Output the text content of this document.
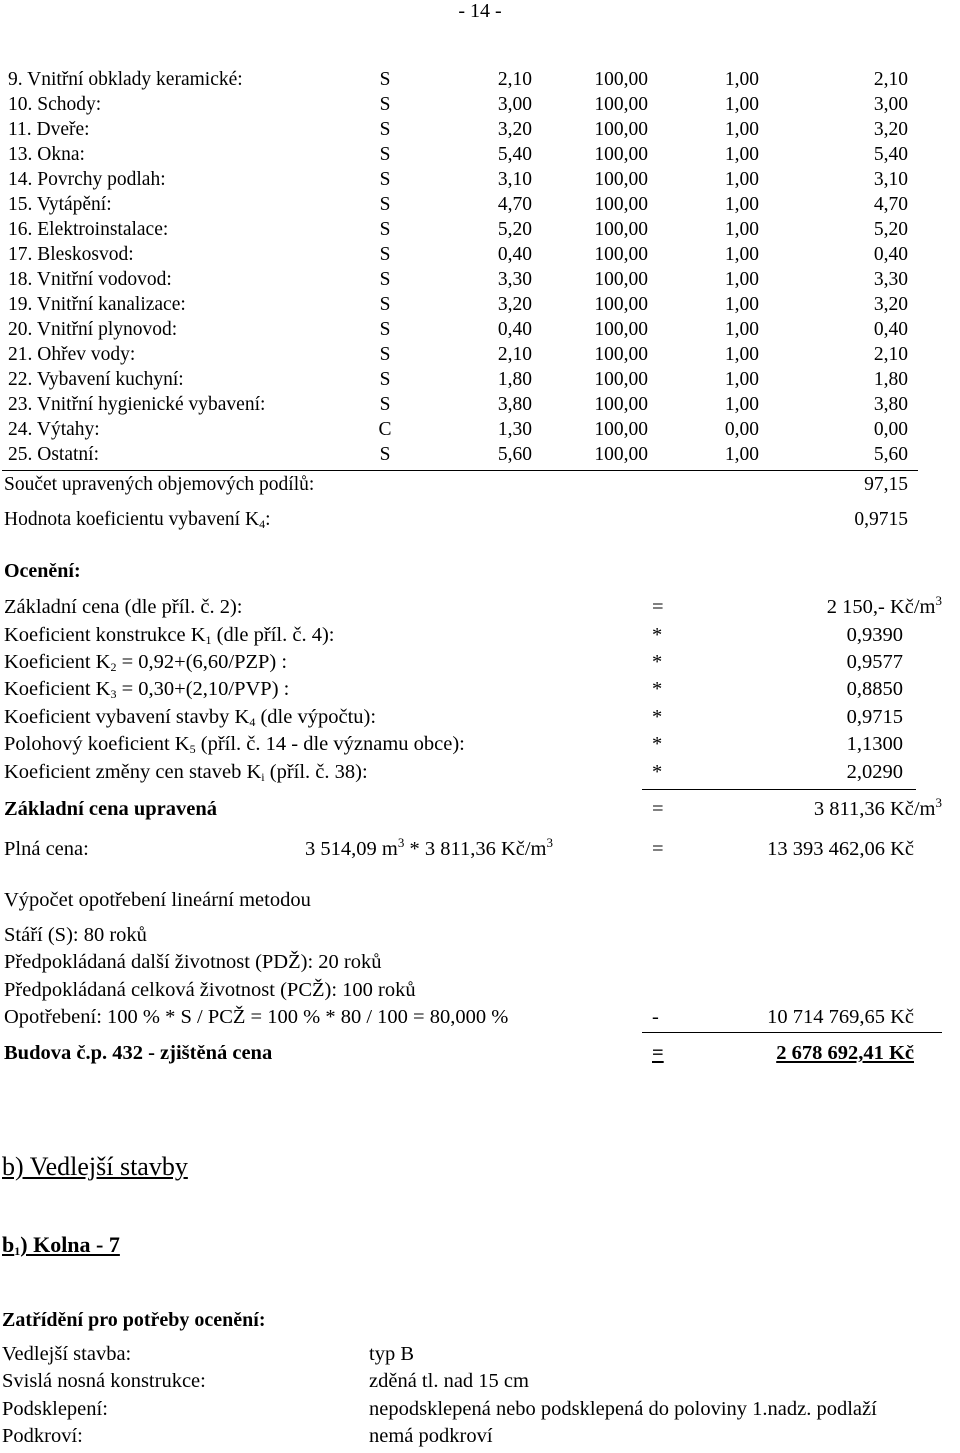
- 14 -
9. Vnitřní obklady keramické:	S	2,10	100,00	1,00	2,10
10. Schody:	S	3,00	100,00	1,00	3,00
11. Dveře:	S	3,20	100,00	1,00	3,20
13. Okna:	S	5,40	100,00	1,00	5,40
14. Povrchy podlah:	S	3,10	100,00	1,00	3,10
15. Vytápění:	S	4,70	100,00	1,00	4,70
16. Elektroinstalace:	S	5,20	100,00	1,00	5,20
17. Bleskosvod:	S	0,40	100,00	1,00	0,40
18. Vnitřní vodovod:	S	3,30	100,00	1,00	3,30
19. Vnitřní kanalizace:	S	3,20	100,00	1,00	3,20
20. Vnitřní plynovod:	S	0,40	100,00	1,00	0,40
21. Ohřev vody:	S	2,10	100,00	1,00	2,10
22. Vybavení kuchyní:	S	1,80	100,00	1,00	1,80
23. Vnitřní hygienické vybavení:	S	3,80	100,00	1,00	3,80
24. Výtahy:	C	1,30	100,00	0,00	0,00
25. Ostatní:	S	5,60	100,00	1,00	5,60
Součet upravených objemových podílů:	97,15
Hodnota koeficientu vybavení $K_4$:	0,9715
Ocenění:
Základní cena (dle příl. č. 2):	=	2 150,- $Kč/m^3$
Koeficient konstrukce $K_1$ (dle příl. č. 4):	*	0,9390
Koeficient $K_2 = 0,92+(6,60/PZP)$ :	*	0,9577
Koeficient $K_3 = 0,30+(2,10/PVP)$ :	*	0,8850
Koeficient vybavení stavby $K_4$ (dle výpočtu):	*	0,9715
Polohový koeficient $K_5$ (příl. č. 14 - dle významu obce):	*	1,1300
Koeficient změny cen staveb $K_i$ (příl. č. 38):	*	2,0290
Základní cena upravená	=	3 811,36 $Kč/m^3$
Plná cena:	3 514,09 $m^3 * 3$ 811,36 $Kč/m^3$	=	13 393 462,06 Kč
Výpočet opotřebení lineární metodou
Stáří (S): 80 roků
Předpokládaná další životnost (PDŽ): 20 roků
Předpokládaná celková životnost (PCŽ): 100 roků
Opotřebení: 100 % * S / PCŽ = 100 % * 80 / 100 = 80,000 %	-	10 714 769,65 Kč
Budova č.p. 432 - zjištěná cena	=	2 678 692,41 Kč
b) Vedlejší stavby
$b_1$) Kolna - 7
Zatřídění pro potřeby ocenění:
Vedlejší stavba:	typ B
Svislá nosná konstrukce:	zděná tl. nad 15 cm
Podsklepení:	nepodsklepená nebo podsklepená do poloviny 1.nadz. podlaží
Podkroví:	nemá podkroví
